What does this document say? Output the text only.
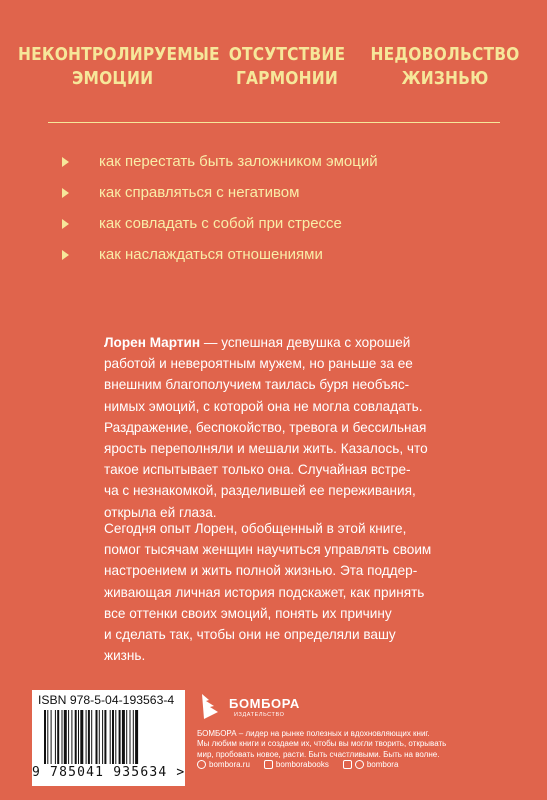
НЕКОНТРОЛИРУЕМЫЕ
ЭМОЦИИ
ОТСУТСТВИЕ
ГАРМОНИИ
НЕДОВОЛЬСТВО
ЖИЗНЬЮ
как перестать быть заложником эмоций
как справляться с негативом
как совладать с собой при стрессе
как наслаждаться отношениями

Лорен Мартин — успешная девушка с хорошей
работой и невероятным мужем, но раньше за ее
внешним благополучием таилась буря необъяс-
нимых эмоций, с которой она не могла совладать.
Раздражение, беспокойство, тревога и бессильная
ярость переполняли и мешали жить. Казалось, что
такое испытывает только она. Случайная встре-
ча с незнакомкой, разделившей ее переживания,
открыла ей глаза.

Сегодня опыт Лорен, обобщенный в этой книге,
помог тысячам женщин научиться управлять своим
настроением и жить полной жизнью. Эта поддер-
живающая личная история подскажет, как принять
все оттенки своих эмоций, понять их причину
и сделать так, чтобы они не определяли вашу
жизнь.

ISBN 978-5-04-193563-4
9 785041 935634 >
БОМБОРА
ИЗДАТЕЛЬСТВО

БОМБОРА – лидер на рынке полезных и вдохновляющих книг.
Мы любим книги и создаем их, чтобы вы могли творить, открывать
мир, пробовать новое, расти. Быть счастливыми. Быть на волне.

bombora.ru	bomborabooks	bombora
